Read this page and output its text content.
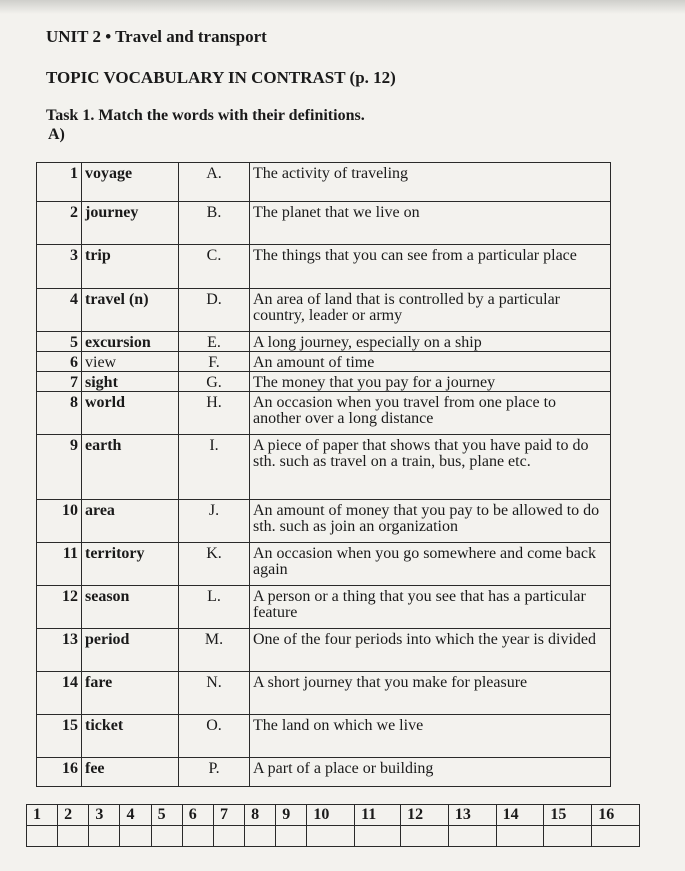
UNIT 2 • Travel and transport
TOPIC VOCABULARY IN CONTRAST (p. 12)
Task 1. Match the words with their definitions.
A)
1	voyage	A.	The activity of traveling
2	journey	B.	The planet that we live on
3	trip	C.	The things that you can see from a particular place
4	travel (n)	D.	An area of land that is controlled by a particular country, leader or army
5	excursion	E.	A long journey, especially on a ship
6	view	F.	An amount of time
7	sight	G.	The money that you pay for a journey
8	world	H.	An occasion when you travel from one place to another over a long distance
9	earth	I.	A piece of paper that shows that you have paid to do sth. such as travel on a train, bus, plane etc.
10	area	J.	An amount of money that you pay to be allowed to do sth. such as join an organization
11	territory	K.	An occasion when you go somewhere and come back again
12	season	L.	A person or a thing that you see that has a particular feature
13	period	M.	One of the four periods into which the year is divided
14	fare	N.	A short journey that you make for pleasure
15	ticket	O.	The land on which we live
16	fee	P.	A part of a place or building
1	2	3	4	5	6	7	8	9	10	11	12	13	14	15	16
